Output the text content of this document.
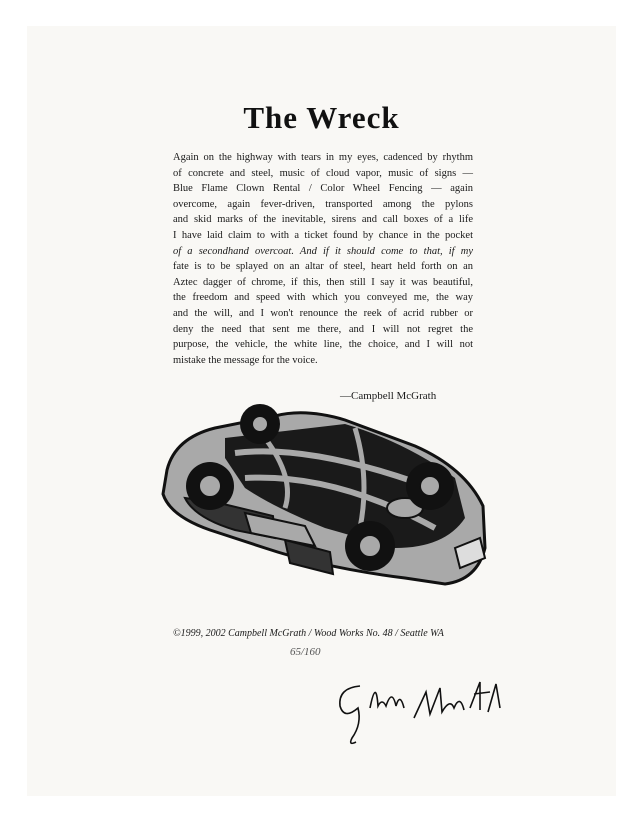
The Wreck
Again on the highway with tears in my eyes, cadenced by rhythm
of concrete and steel, music of cloud vapor, music of signs —
Blue Flame Clown Rental / Color Wheel Fencing — again
overcome, again fever-driven, transported among the pylons
and skid marks of the inevitable, sirens and call boxes of a life
I have laid claim to with a ticket found by chance in the pocket
of a secondhand overcoat. And if it should come to that, if my
fate is to be splayed on an altar of steel, heart held forth on an
Aztec dagger of chrome, if this, then still I say it was beautiful,
the freedom and speed with which you conveyed me, the way
and the will, and I won't renounce the reek of acrid rubber or
deny the need that sent me there, and I will not regret the
purpose, the vehicle, the white line, the choice, and I will not
mistake the message for the voice.
—Campbell McGrath
©1999, 2002 Campbell McGrath / Wood Works No. 48 / Seattle WA
65/160
